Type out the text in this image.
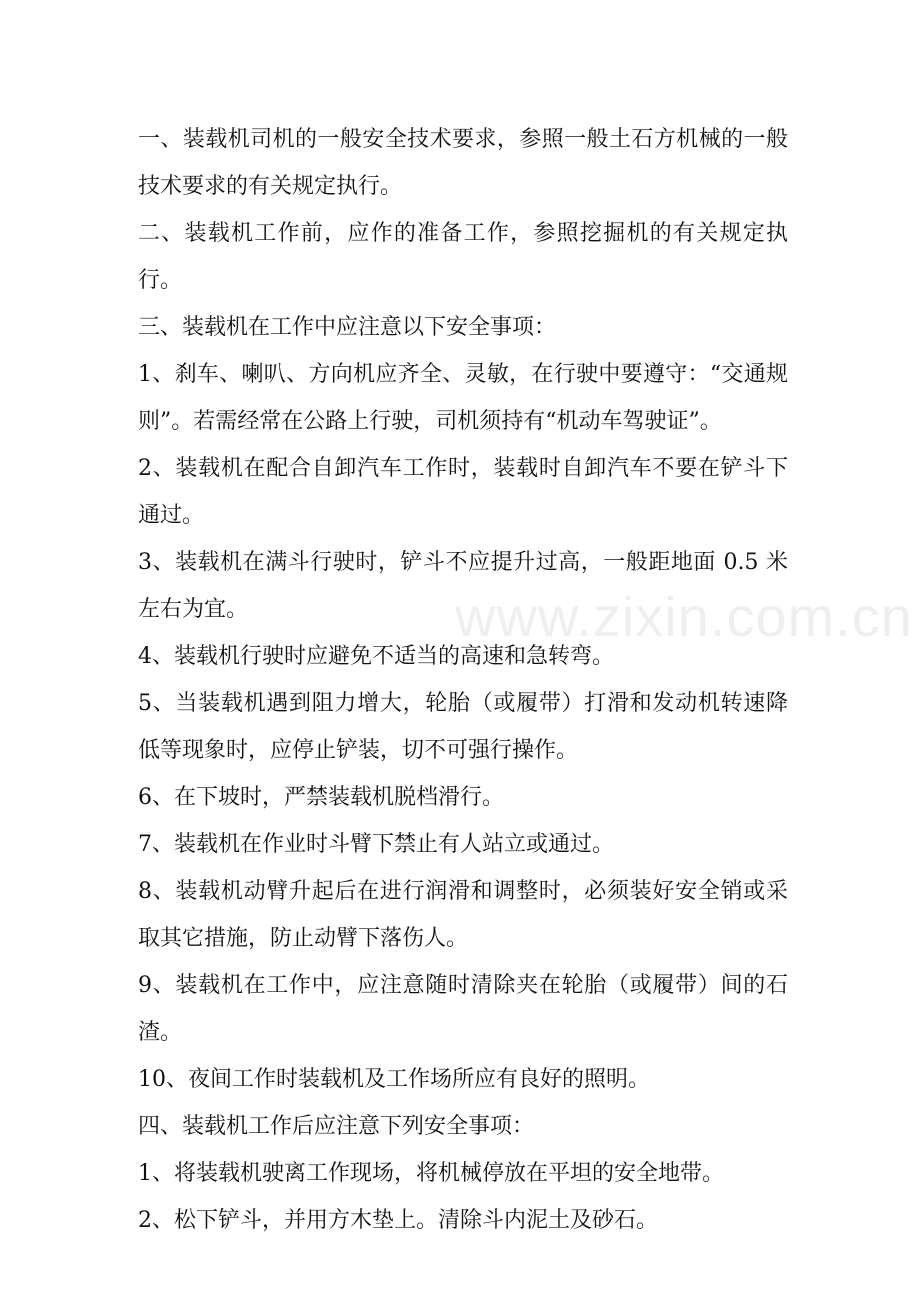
一、装载机司机的一般安全技术要求，参照一般土石方机械的一般技术要求的有关规定执行。

二、装载机工作前，应作的准备工作，参照挖掘机的有关规定执行。

三、装载机在工作中应注意以下安全事项：

1、刹车、喇叭、方向机应齐全、灵敏，在行驶中要遵守：“交通规则”。若需经常在公路上行驶，司机须持有“机动车驾驶证”。

2、装载机在配合自卸汽车工作时，装载时自卸汽车不要在铲斗下通过。

3、装载机在满斗行驶时，铲斗不应提升过高，一般距地面 0.5 米左右为宜。

4、装载机行驶时应避免不适当的高速和急转弯。

5、当装载机遇到阻力增大，轮胎（或履带）打滑和发动机转速降低等现象时，应停止铲装，切不可强行操作。

6、在下坡时，严禁装载机脱档滑行。

7、装载机在作业时斗臂下禁止有人站立或通过。

8、装载机动臂升起后在进行润滑和调整时，必须装好安全销或采取其它措施，防止动臂下落伤人。

9、装载机在工作中，应注意随时清除夹在轮胎（或履带）间的石渣。

10、夜间工作时装载机及工作场所应有良好的照明。

四、装载机工作后应注意下列安全事项：

1、将装载机驶离工作现场，将机械停放在平坦的安全地带。

2、松下铲斗，并用方木垫上。清除斗内泥土及砂石。

www.zixin.com.cn
